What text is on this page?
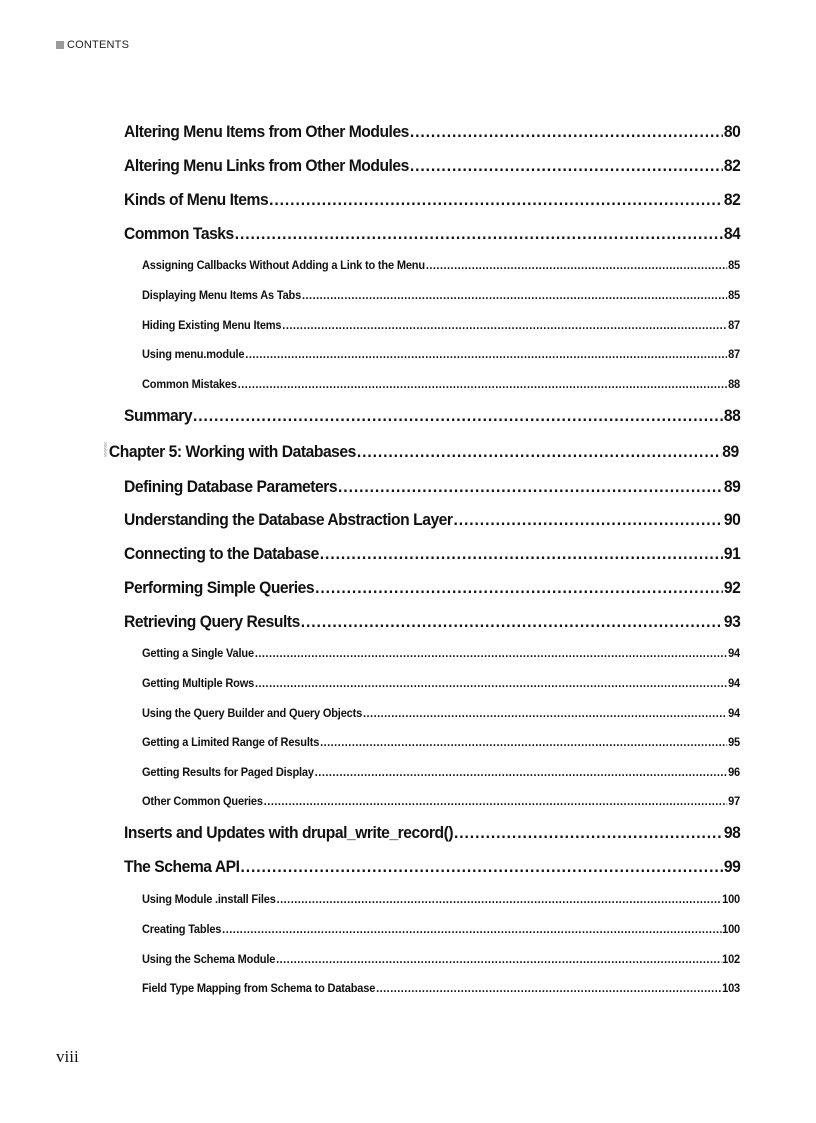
CONTENTS
Altering Menu Items from Other Modules .....	80
Altering Menu Links from Other Modules .....	82
Kinds of Menu Items .....	82
Common Tasks .....	84
Assigning Callbacks Without Adding a Link to the Menu .....	85
Displaying Menu Items As Tabs .....	85
Hiding Existing Menu Items .....	87
Using menu.module .....	87
Common Mistakes .....	88
Summary .....	88
Chapter 5: Working with Databases .....	89
Defining Database Parameters .....	89
Understanding the Database Abstraction Layer .....	90
Connecting to the Database .....	91
Performing Simple Queries .....	92
Retrieving Query Results .....	93
Getting a Single Value .....	94
Getting Multiple Rows .....	94
Using the Query Builder and Query Objects .....	94
Getting a Limited Range of Results .....	95
Getting Results for Paged Display .....	96
Other Common Queries .....	97
Inserts and Updates with drupal_write_record() .....	98
The Schema API .....	99
Using Module .install Files .....	100
Creating Tables .....	100
Using the Schema Module .....	102
Field Type Mapping from Schema to Database .....	103
viii
